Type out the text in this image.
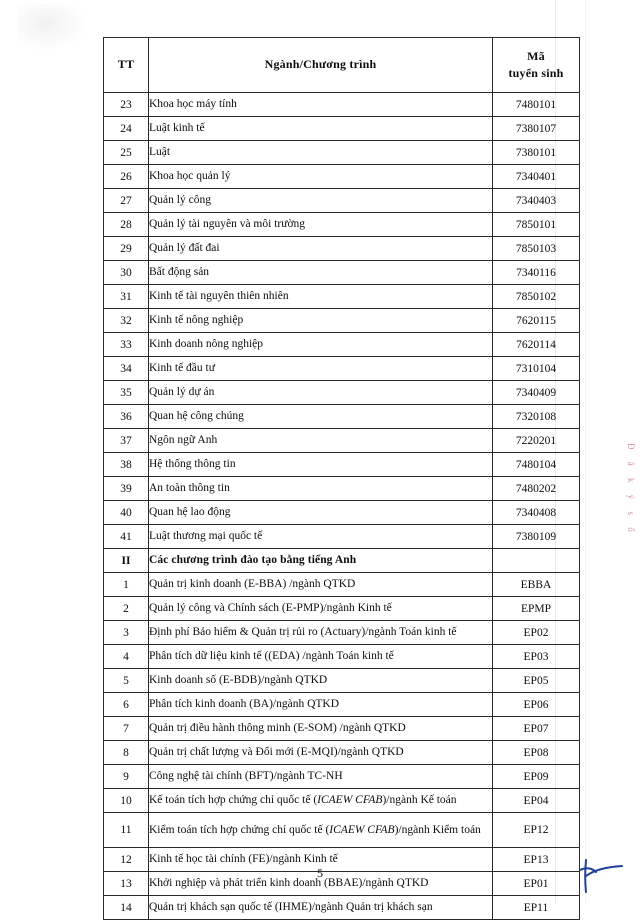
TT	Ngành/Chương trình	Mã
tuyển sinh

23	Khoa học máy tính	7480101
24	Luật kinh tế	7380107
25	Luật	7380101
26	Khoa học quản lý	7340401
27	Quản lý công	7340403
28	Quản lý tài nguyên và môi trường	7850101
29	Quản lý đất đai	7850103
30	Bất động sản	7340116
31	Kinh tế tài nguyên thiên nhiên	7850102
32	Kinh tế nông nghiệp	7620115
33	Kinh doanh nông nghiệp	7620114
34	Kinh tế đầu tư	7310104
35	Quản lý dự án	7340409
36	Quan hệ công chúng	7320108
37	Ngôn ngữ Anh	7220201
38	Hệ thống thông tin	7480104
39	An toàn thông tin	7480202
40	Quan hệ lao động	7340408
41	Luật thương mại quốc tế	7380109
II	Các chương trình đào tạo bằng tiếng Anh	
1	Quản trị kinh doanh (E-BBA) /ngành QTKD	EBBA
2	Quản lý công và Chính sách (E-PMP)/ngành Kinh tế	EPMP
3	Định phí Bảo hiểm & Quản trị rủi ro (Actuary)/ngành Toán kinh tế	EP02
4	Phân tích dữ liệu kinh tế ((EDA) /ngành Toán kinh tế	EP03
5	Kinh doanh số (E-BDB)/ngành QTKD	EP05
6	Phân tích kinh doanh (BA)/ngành QTKD	EP06
7	Quản trị điều hành thông minh (E-SOM) /ngành QTKD	EP07
8	Quản trị chất lượng và Đổi mới (E-MQI)/ngành QTKD	EP08
9	Công nghệ tài chính (BFT)/ngành TC-NH	EP09
10	Kế toán tích hợp chứng chỉ quốc tế (ICAEW CFAB)/ngành Kế toán	EP04
11	Kiểm toán tích hợp chứng chỉ quốc tế (ICAEW CFAB)/ngành Kiểm toán	EP12
12	Kinh tế học tài chính (FE)/ngành Kinh tế	EP13
13	Khởi nghiệp và phát triển kinh doanh (BBAE)/ngành QTKD	EP01
14	Quản trị khách sạn quốc tế (IHME)/ngành Quản trị khách sạn	EP11
5
Đ ã k ý s ố
